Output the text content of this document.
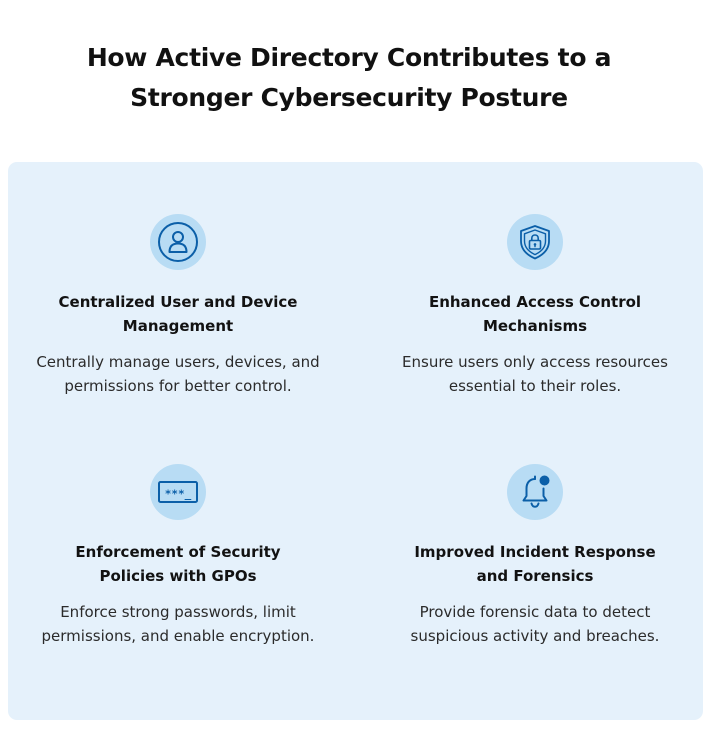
How Active Directory Contributes to a
Stronger Cybersecurity Posture
Centralized User and Device
Management
Centrally manage users, devices, and
permissions for better control.
Enhanced Access Control
Mechanisms
Ensure users only access resources
essential to their roles.
***_
Enforcement of Security
Policies with GPOs
Enforce strong passwords, limit
permissions, and enable encryption.
Improved Incident Response
and Forensics
Provide forensic data to detect
suspicious activity and breaches.
